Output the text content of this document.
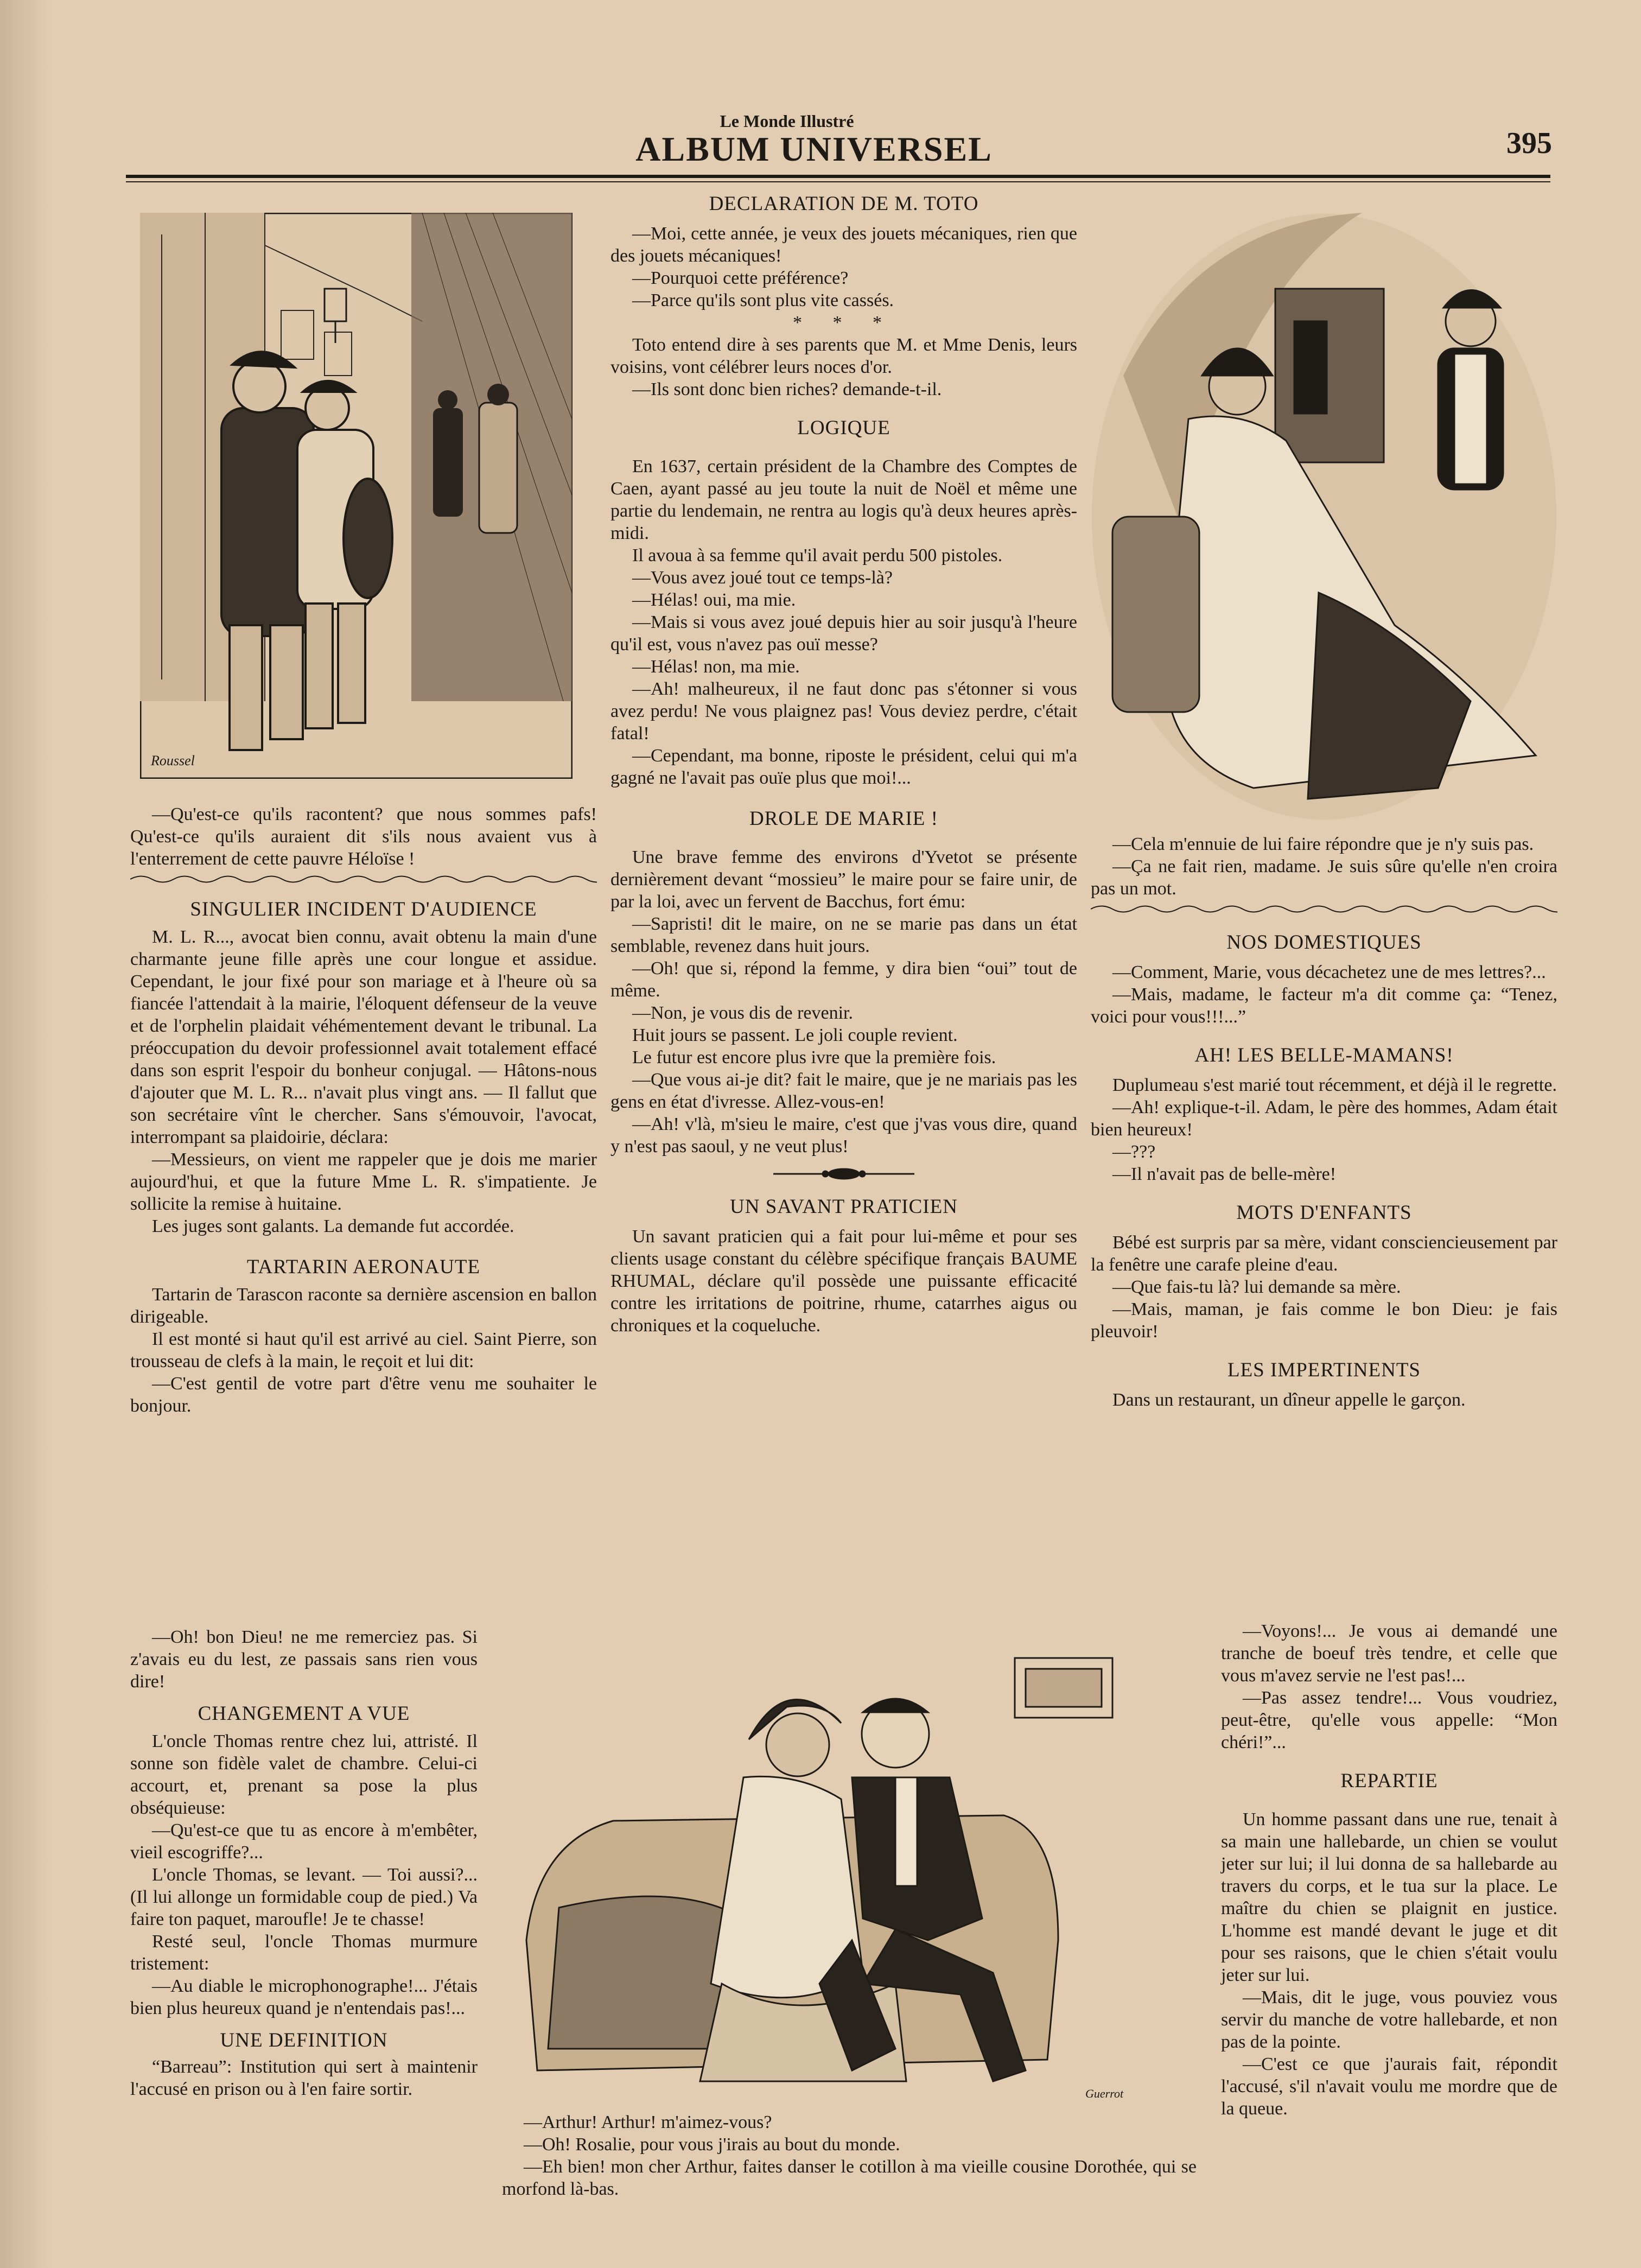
Le Monde Illustré
ALBUM UNIVERSEL	395
Roussel
Guerrot

—Qu'est-ce qu'ils racontent? que nous sommes pafs! Qu'est-ce qu'ils auraient dit s'ils nous avaient vus à l'enterrement de cette pauvre Héloïse !

SINGULIER INCIDENT D'AUDIENCE

M. L. R..., avocat bien connu, avait obtenu la main d'une charmante jeune fille après une cour longue et assidue. Cependant, le jour fixé pour son mariage et à l'heure où sa fiancée l'attendait à la mairie, l'éloquent défenseur de la veuve et de l'orphelin plaidait véhémentement devant le tribunal. La préoccupation du devoir professionnel avait totalement effacé dans son esprit l'espoir du bonheur conjugal. — Hâtons-nous d'ajouter que M. L. R... n'avait plus vingt ans. — Il fallut que son secrétaire vînt le chercher. Sans s'émouvoir, l'avocat, interrompant sa plaidoirie, déclara:

—Messieurs, on vient me rappeler que je dois me marier aujourd'hui, et que la future Mme L. R. s'impatiente. Je sollicite la remise à huitaine.

Les juges sont galants. La demande fut accordée.

TARTARIN AERONAUTE

Tartarin de Tarascon raconte sa dernière ascension en ballon dirigeable.

Il est monté si haut qu'il est arrivé au ciel. Saint Pierre, son trousseau de clefs à la main, le reçoit et lui dit:

—C'est gentil de votre part d'être venu me souhaiter le bonjour.

—Oh! bon Dieu! ne me remerciez pas. Si z'avais eu du lest, ze passais sans rien vous dire!

CHANGEMENT A VUE

L'oncle Thomas rentre chez lui, attristé. Il sonne son fidèle valet de chambre. Celui-ci accourt, et, prenant sa pose la plus obséquieuse:

—Qu'est-ce que tu as encore à m'embêter, vieil escogriffe?...

L'oncle Thomas, se levant. — Toi aussi?... (Il lui allonge un formidable coup de pied.) Va faire ton paquet, maroufle! Je te chasse!

Resté seul, l'oncle Thomas murmure tristement:

—Au diable le microphonographe!... J'étais bien plus heureux quand je n'entendais pas!...

UNE DEFINITION

“Barreau”: Institution qui sert à maintenir l'accusé en prison ou à l'en faire sortir.

DECLARATION DE M. TOTO

—Moi, cette année, je veux des jouets mécaniques, rien que des jouets mécaniques!

—Pourquoi cette préférence?

—Parce qu'ils sont plus vite cassés.

* * *

Toto entend dire à ses parents que M. et Mme Denis, leurs voisins, vont célébrer leurs noces d'or.

—Ils sont donc bien riches? demande-t-il.

LOGIQUE

En 1637, certain président de la Chambre des Comptes de Caen, ayant passé au jeu toute la nuit de Noël et même une partie du lendemain, ne rentra au logis qu'à deux heures après-midi.

Il avoua à sa femme qu'il avait perdu 500 pistoles.

—Vous avez joué tout ce temps-là?

—Hélas! oui, ma mie.

—Mais si vous avez joué depuis hier au soir jusqu'à l'heure qu'il est, vous n'avez pas ouï messe?

—Hélas! non, ma mie.

—Ah! malheureux, il ne faut donc pas s'étonner si vous avez perdu! Ne vous plaignez pas! Vous deviez perdre, c'était fatal!

—Cependant, ma bonne, riposte le président, celui qui m'a gagné ne l'avait pas ouïe plus que moi!...

DROLE DE MARIE !

Une brave femme des environs d'Yvetot se présente dernièrement devant “mossieu” le maire pour se faire unir, de par la loi, avec un fervent de Bacchus, fort ému:

—Sapristi! dit le maire, on ne se marie pas dans un état semblable, revenez dans huit jours.

—Oh! que si, répond la femme, y dira bien “oui” tout de même.

—Non, je vous dis de revenir.

Huit jours se passent. Le joli couple revient.

Le futur est encore plus ivre que la première fois.

—Que vous ai-je dit? fait le maire, que je ne mariais pas les gens en état d'ivresse. Allez-vous-en!

—Ah! v'là, m'sieu le maire, c'est que j'vas vous dire, quand y n'est pas saoul, y ne veut plus!

UN SAVANT PRATICIEN

Un savant praticien qui a fait pour lui-même et pour ses clients usage constant du célèbre spécifique français BAUME RHUMAL, déclare qu'il possède une puissante efficacité contre les irritations de poitrine, rhume, catarrhes aigus ou chroniques et la coqueluche.

—Arthur! Arthur! m'aimez-vous?

—Oh! Rosalie, pour vous j'irais au bout du monde.

—Eh bien! mon cher Arthur, faites danser le cotillon à ma vieille cousine Dorothée, qui se morfond là-bas.

—Cela m'ennuie de lui faire répondre que je n'y suis pas.

—Ça ne fait rien, madame. Je suis sûre qu'elle n'en croira pas un mot.

NOS DOMESTIQUES

—Comment, Marie, vous décachetez une de mes lettres?...

—Mais, madame, le facteur m'a dit comme ça: “Tenez, voici pour vous!!!...”

AH! LES BELLE-MAMANS!

Duplumeau s'est marié tout récemment, et déjà il le regrette.

—Ah! explique-t-il. Adam, le père des hommes, Adam était bien heureux!

—???

—Il n'avait pas de belle-mère!

MOTS D'ENFANTS

Bébé est surpris par sa mère, vidant consciencieusement par la fenêtre une carafe pleine d'eau.

—Que fais-tu là? lui demande sa mère.

—Mais, maman, je fais comme le bon Dieu: je fais pleuvoir!

LES IMPERTINENTS

Dans un restaurant, un dîneur appelle le garçon.

—Voyons!... Je vous ai demandé une tranche de boeuf très tendre, et celle que vous m'avez servie ne l'est pas!...

—Pas assez tendre!... Vous voudriez, peut-être, qu'elle vous appelle: “Mon chéri!”...

REPARTIE

Un homme passant dans une rue, tenait à sa main une hallebarde, un chien se voulut jeter sur lui; il lui donna de sa hallebarde au travers du corps, et le tua sur la place. Le maître du chien se plaignit en justice. L'homme est mandé devant le juge et dit pour ses raisons, que le chien s'était voulu jeter sur lui.

—Mais, dit le juge, vous pouviez vous servir du manche de votre hallebarde, et non pas de la pointe.

—C'est ce que j'aurais fait, répondit l'accusé, s'il n'avait voulu me mordre que de la queue.
